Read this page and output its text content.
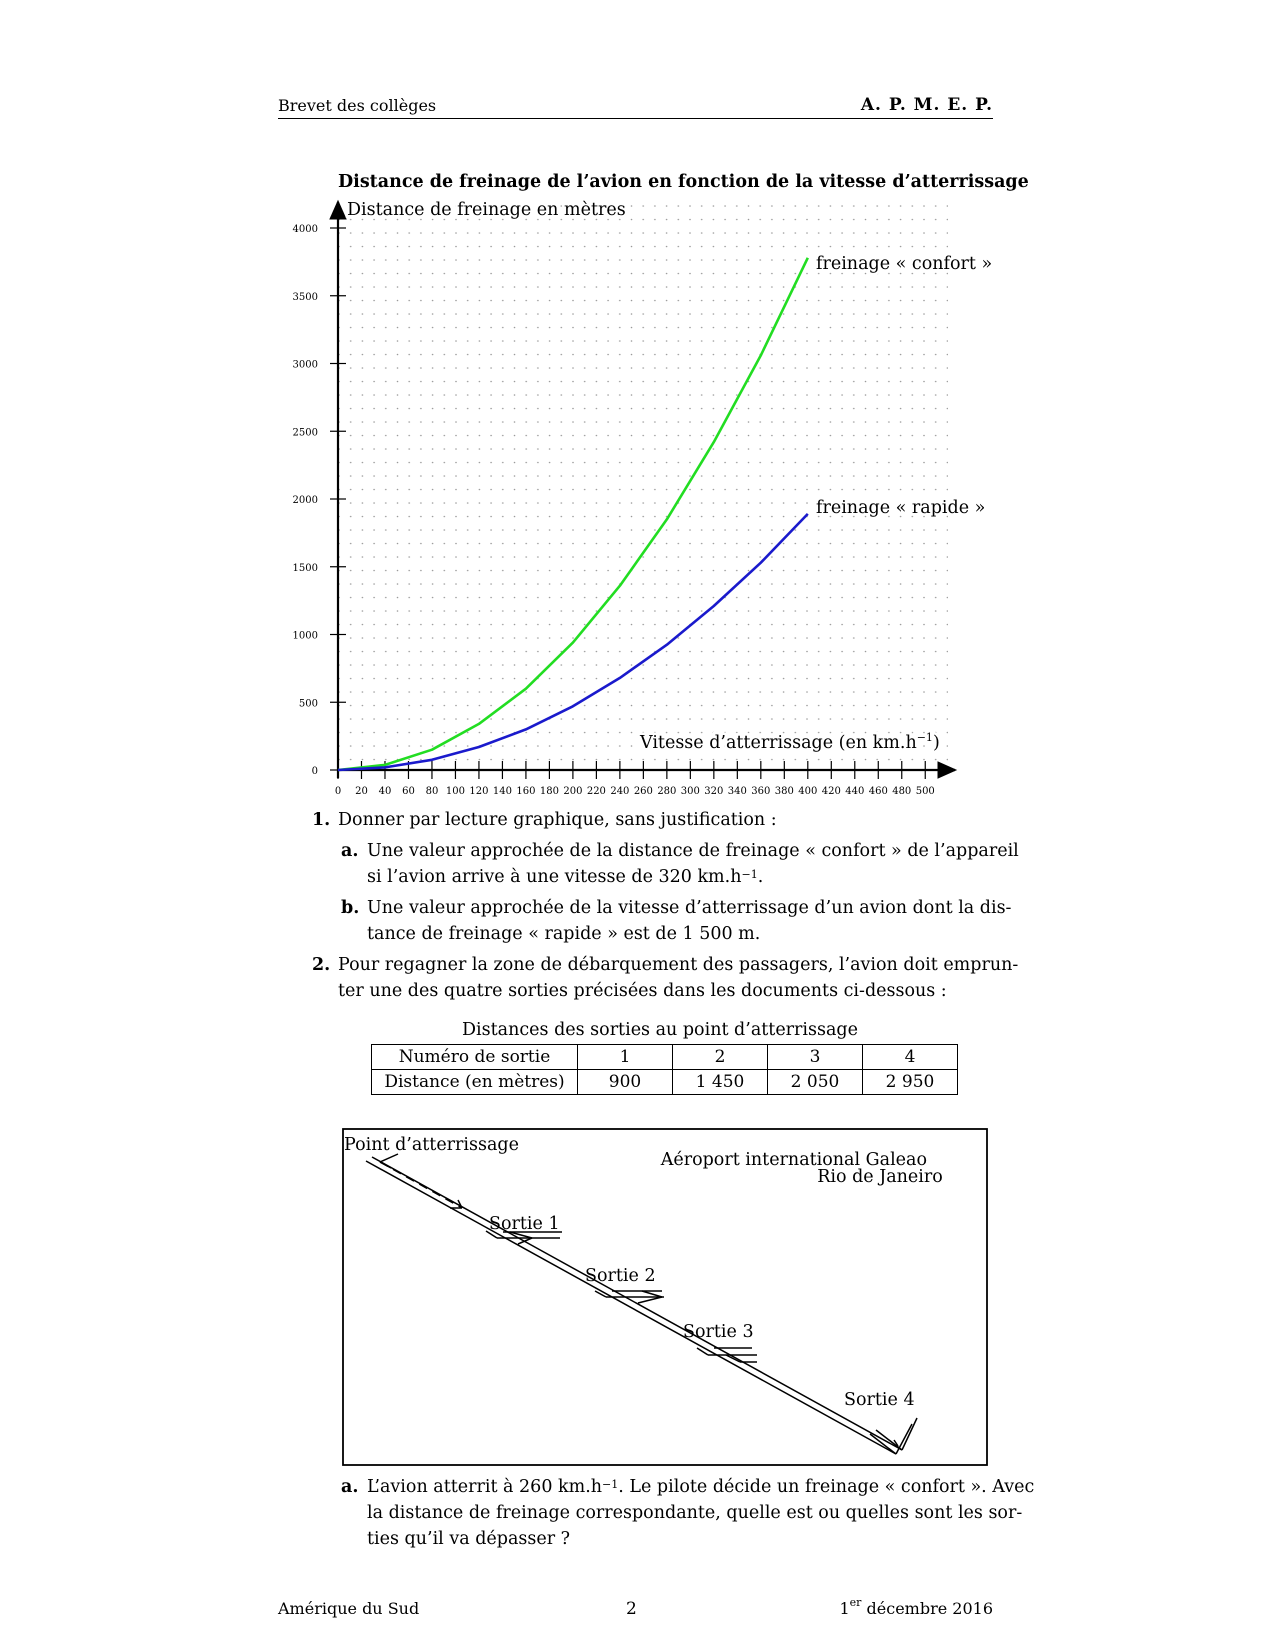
Brevet des collèges	A. P. M. E. P.
Distance de freinage de l’avion en fonction de la vitesse d’atterrissage
0
500
1000
1500
2000
2500
3000
3500
4000
0 20 40 60 80 100 120 140 160 180 200 220 240 260 280 300 320 340 360 380 400 420 440 460 480 500
Distance de freinage en mètres
Vitesse d’atterrissage (en $km.h^{-1}$)
freinage « confort »
freinage « rapide »
1. Donner par lecture graphique, sans justification :
a. Une valeur approchée de la distance de freinage « confort » de l’appareil
si l’avion arrive à une vitesse de 320 $km.h^{-1}$.
b. Une valeur approchée de la vitesse d’atterrissage d’un avion dont la dis-
tance de freinage « rapide » est de 1 500 m.
2. Pour regagner la zone de débarquement des passagers, l’avion doit emprun-
ter une des quatre sorties précisées dans les documents ci-dessous :
Distances des sorties au point d’atterrissage
Numéro de sortie	1	2	3	4
Distance (en mètres)	900	1 450	2 050	2 950
Point d’atterrissage
Aéroport international Galeao
Rio de Janeiro
Sortie 1
Sortie 2
Sortie 3
Sortie 4
a. L’avion atterrit à 260 $km.h^{-1}$. Le pilote décide un freinage « confort ». Avec
la distance de freinage correspondante, quelle est ou quelles sont les sor-
ties qu’il va dépasser ?
Amérique du Sud	2	1er décembre 2016
